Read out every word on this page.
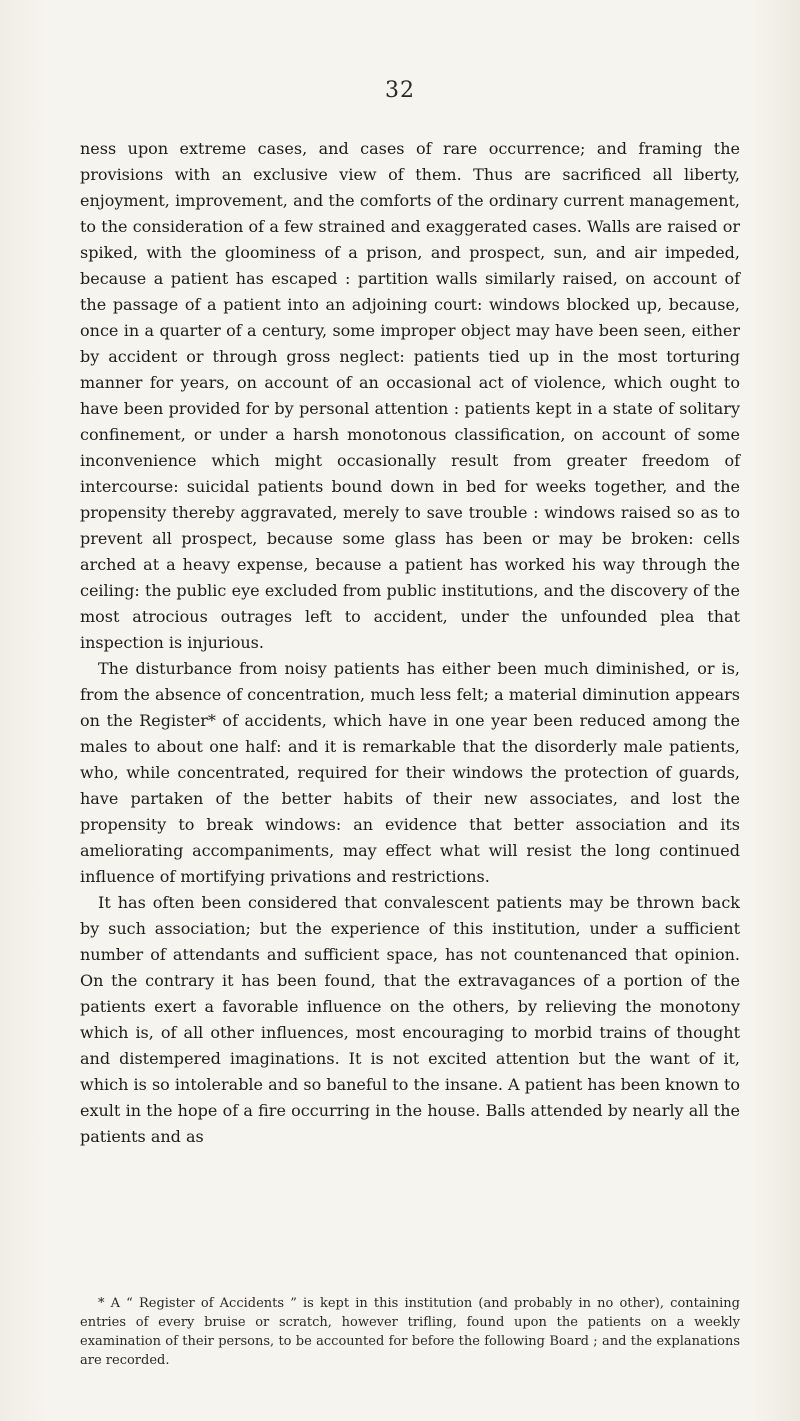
32

ness upon extreme cases, and cases of rare occurrence; and framing the provisions with an exclusive view of them. Thus are sacrificed all liberty, enjoyment, improvement, and the comforts of the ordinary current management, to the consideration of a few strained and exaggerated cases. Walls are raised or spiked, with the gloominess of a prison, and prospect, sun, and air impeded, because a patient has escaped : partition walls similarly raised, on account of the passage of a patient into an adjoining court: windows blocked up, because, once in a quarter of a century, some improper object may have been seen, either by accident or through gross neglect: patients tied up in the most torturing manner for years, on account of an occasional act of violence, which ought to have been provided for by personal attention : patients kept in a state of solitary confinement, or under a harsh monotonous classification, on account of some inconvenience which might occasionally result from greater freedom of intercourse: suicidal patients bound down in bed for weeks together, and the propensity thereby aggravated, merely to save trouble : windows raised so as to prevent all prospect, because some glass has been or may be broken: cells arched at a heavy expense, because a patient has worked his way through the ceiling: the public eye excluded from public institutions, and the discovery of the most atrocious outrages left to accident, under the unfounded plea that inspection is injurious.

The disturbance from noisy patients has either been much diminished, or is, from the absence of concentration, much less felt; a material diminution appears on the Register* of accidents, which have in one year been reduced among the males to about one half: and it is remarkable that the disorderly male patients, who, while concentrated, required for their windows the protection of guards, have partaken of the better habits of their new associates, and lost the propensity to break windows: an evidence that better association and its ameliorating accompaniments, may effect what will resist the long continued influence of mortifying privations and restrictions.

It has often been considered that convalescent patients may be thrown back by such association; but the experience of this institution, under a sufficient number of attendants and sufficient space, has not countenanced that opinion. On the contrary it has been found, that the extravagances of a portion of the patients exert a favorable influence on the others, by relieving the monotony which is, of all other influences, most encouraging to morbid trains of thought and distempered imaginations. It is not excited attention but the want of it, which is so intolerable and so baneful to the insane. A patient has been known to exult in the hope of a fire occurring in the house. Balls attended by nearly all the patients and as

* A “ Register of Accidents ” is kept in this institution (and probably in no other), containing entries of every bruise or scratch, however trifling, found upon the patients on a weekly examination of their persons, to be accounted for before the following Board ; and the explanations are recorded.
